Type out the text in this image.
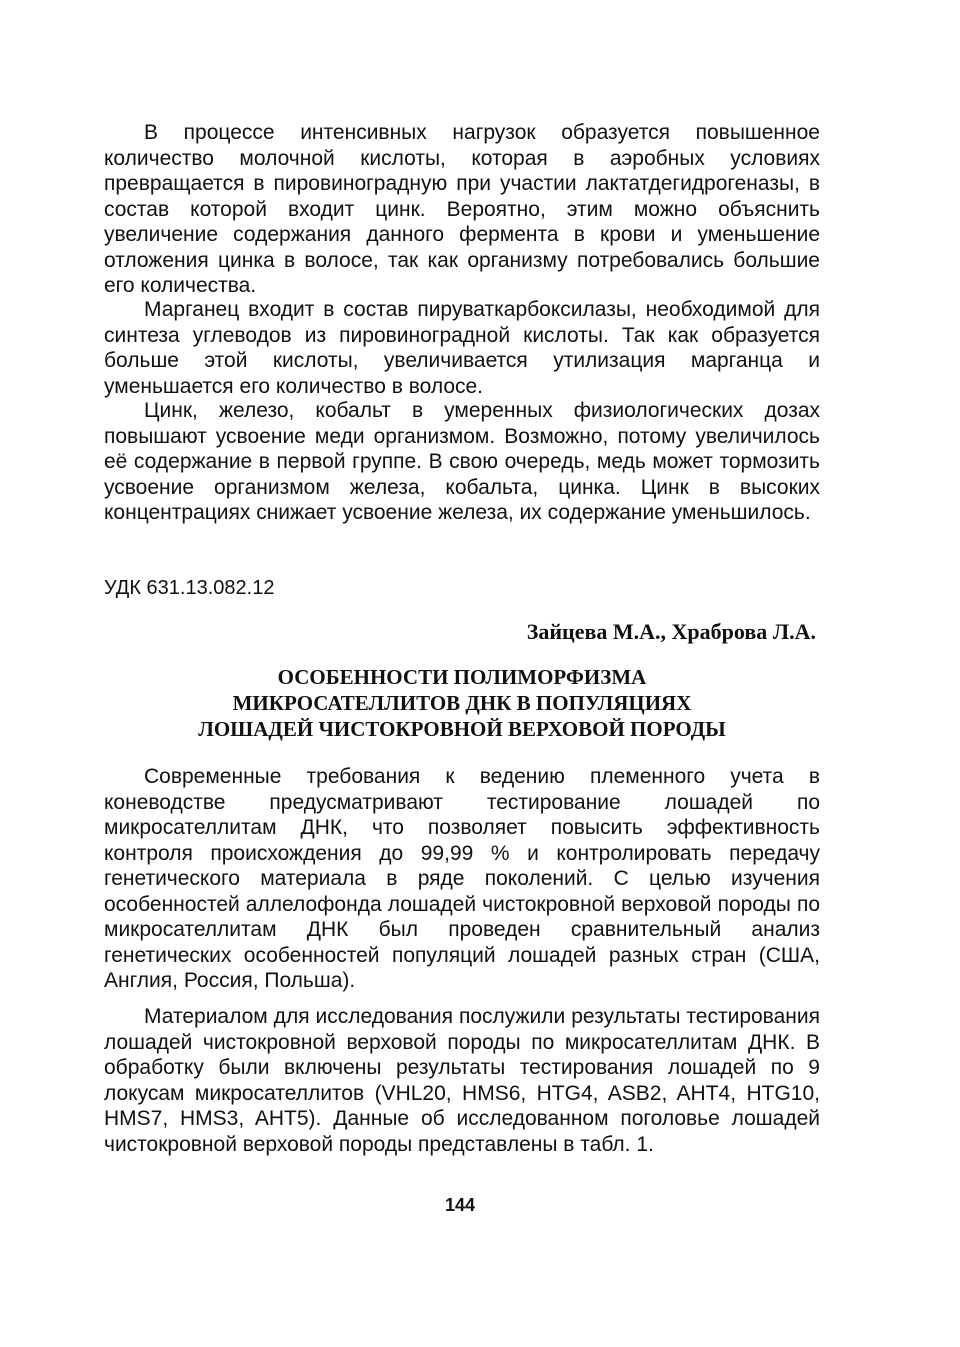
В процессе интенсивных нагрузок образуется повышенное количество молочной кислоты, которая в аэробных условиях превращается в пировиноградную при участии лактатдегидрогеназы, в состав которой входит цинк. Вероятно, этим можно объяснить увеличение содержания данного фермента в крови и уменьшение отложения цинка в волосе, так как организму потребовались большие его количества.

Марганец входит в состав пируваткарбоксилазы, необходимой для синтеза углеводов из пировиноградной кислоты. Так как образуется больше этой кислоты, увеличивается утилизация марганца и уменьшается его количество в волосе.

Цинк, железо, кобальт в умеренных физиологических дозах повышают усвоение меди организмом. Возможно, потому увеличилось её содержание в первой группе. В свою очередь, медь может тормозить усвоение организмом железа, кобальта, цинка. Цинк в высоких концентрациях снижает усвоение железа, их содержание уменьшилось.

УДК 631.13.082.12

Зайцева М.А., Храброва Л.А.

ОСОБЕННОСТИ ПОЛИМОРФИЗМА
МИКРОСАТЕЛЛИТОВ ДНК В ПОПУЛЯЦИЯХ
ЛОШАДЕЙ ЧИСТОКРОВНОЙ ВЕРХОВОЙ ПОРОДЫ

Современные требования к ведению племенного учета в коневодстве предусматривают тестирование лошадей по микросателлитам ДНК, что позволяет повысить эффективность контроля происхождения до 99,99 % и контролировать передачу генетического материала в ряде поколений. С целью изучения особенностей аллелофонда лошадей чистокровной верховой породы по микросателлитам ДНК был проведен сравнительный анализ генетических особенностей популяций лошадей разных стран (США, Англия, Россия, Польша).

Материалом для исследования послужили результаты тестирования лошадей чистокровной верховой породы по микросателлитам ДНК. В обработку были включены результаты тестирования лошадей по 9 локусам микросателлитов (VHL20, HMS6, HTG4, ASB2, AHT4, HTG10, HMS7, HMS3, AHT5). Данные об исследованном поголовье лошадей чистокровной верховой породы представлены в табл. 1.

144
